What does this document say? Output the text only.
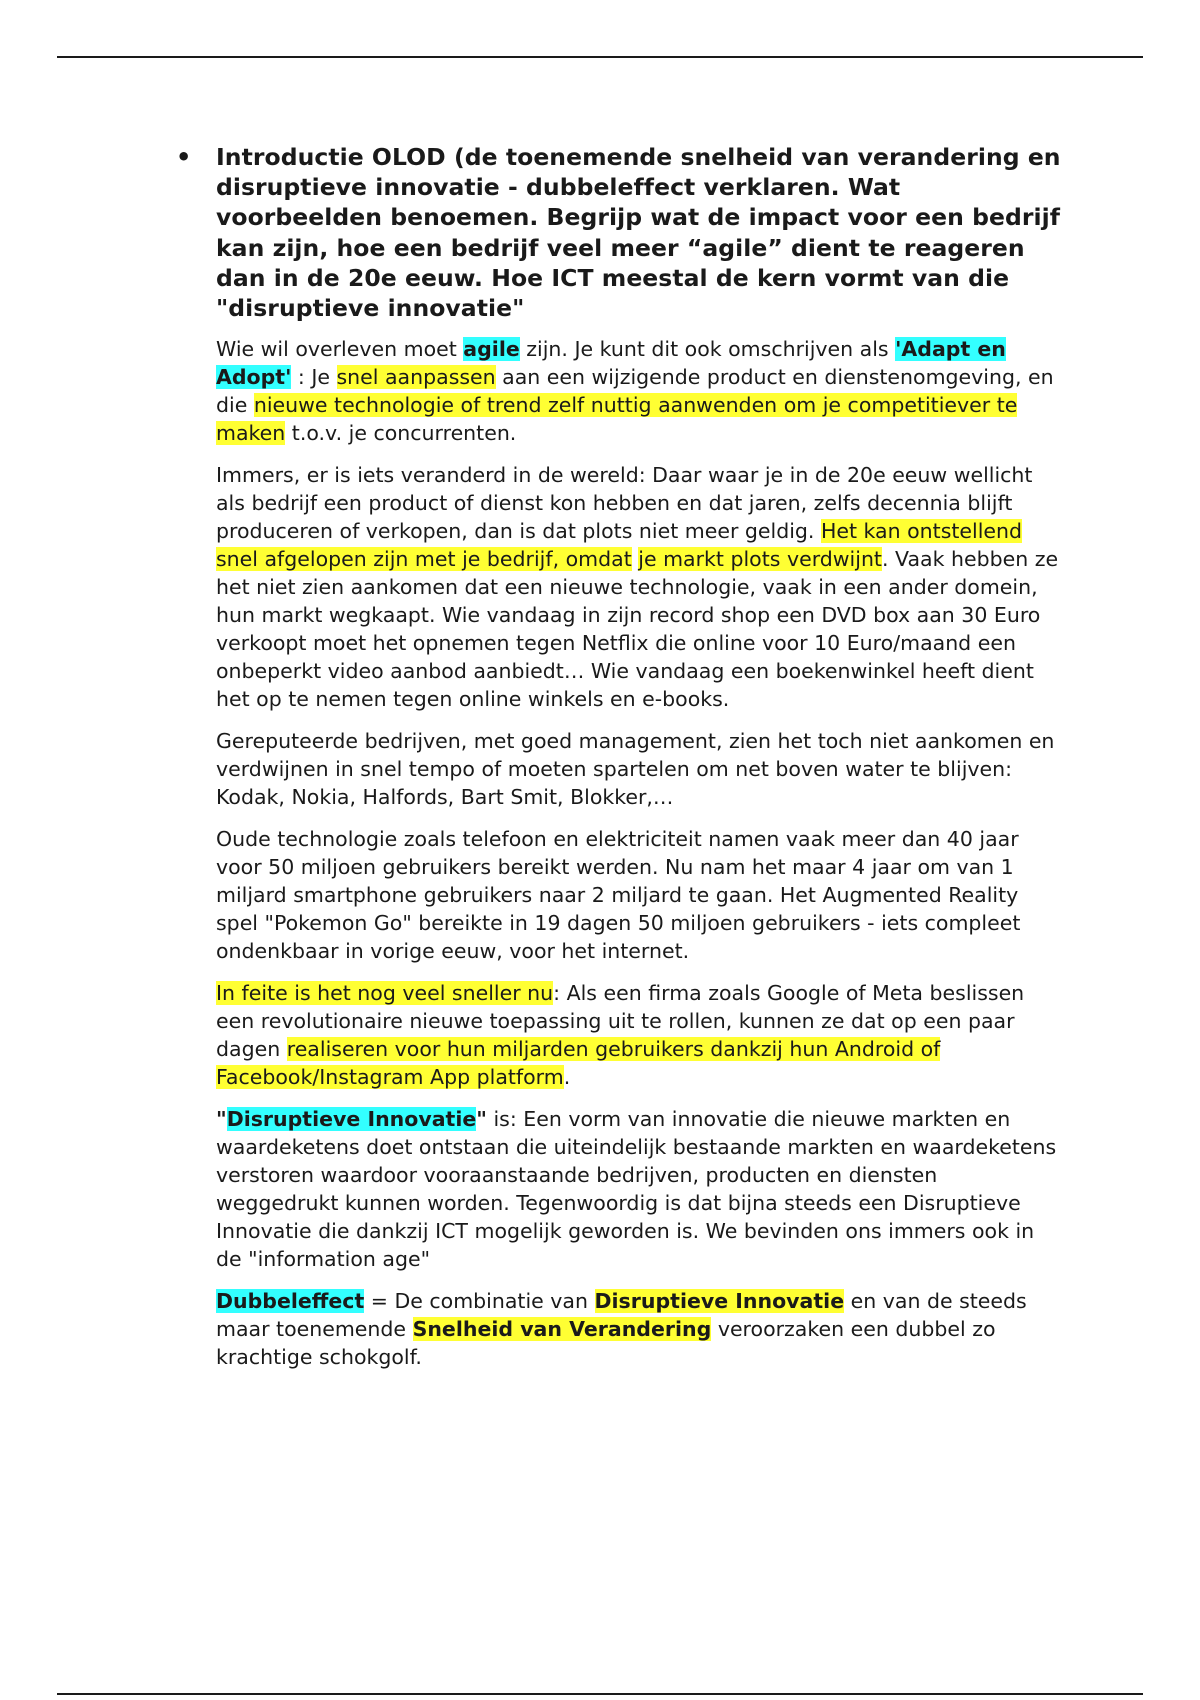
• Introductie OLOD (de toenemende snelheid van verandering en disruptieve innovatie - dubbeleffect verklaren. Wat voorbeelden benoemen. Begrijp wat de impact voor een bedrijf kan zijn, hoe een bedrijf veel meer “agile” dient te reageren dan in de 20e eeuw. Hoe ICT meestal de kern vormt van die "disruptieve innovatie"

Wie wil overleven moet agile zijn. Je kunt dit ook omschrijven als 'Adapt en Adopt' : Je snel aanpassen aan een wijzigende product en dienstenomgeving, en die nieuwe technologie of trend zelf nuttig aanwenden om je competitiever te maken t.o.v. je concurrenten.

Immers, er is iets veranderd in de wereld: Daar waar je in de 20e eeuw wellicht als bedrijf een product of dienst kon hebben en dat jaren, zelfs decennia blijft produceren of verkopen, dan is dat plots niet meer geldig. Het kan ontstellend snel afgelopen zijn met je bedrijf, omdat je markt plots verdwijnt. Vaak hebben ze het niet zien aankomen dat een nieuwe technologie, vaak in een ander domein, hun markt wegkaapt. Wie vandaag in zijn record shop een DVD box aan 30 Euro verkoopt moet het opnemen tegen Netflix die online voor 10 Euro/maand een onbeperkt video aanbod aanbiedt… Wie vandaag een boekenwinkel heeft dient het op te nemen tegen online winkels en e-books.

Gereputeerde bedrijven, met goed management, zien het toch niet aankomen en verdwijnen in snel tempo of moeten spartelen om net boven water te blijven: Kodak, Nokia, Halfords, Bart Smit, Blokker,…

Oude technologie zoals telefoon en elektriciteit namen vaak meer dan 40 jaar voor 50 miljoen gebruikers bereikt werden. Nu nam het maar 4 jaar om van 1 miljard smartphone gebruikers naar 2 miljard te gaan. Het Augmented Reality spel "Pokemon Go" bereikte in 19 dagen 50 miljoen gebruikers - iets compleet ondenkbaar in vorige eeuw, voor het internet.

In feite is het nog veel sneller nu: Als een firma zoals Google of Meta beslissen een revolutionaire nieuwe toepassing uit te rollen, kunnen ze dat op een paar dagen realiseren voor hun miljarden gebruikers dankzij hun Android of Facebook/Instagram App platform.

"Disruptieve Innovatie" is: Een vorm van innovatie die nieuwe markten en waardeketens doet ontstaan die uiteindelijk bestaande markten en waardeketens verstoren waardoor vooraanstaande bedrijven, producten en diensten weggedrukt kunnen worden. Tegenwoordig is dat bijna steeds een Disruptieve Innovatie die dankzij ICT mogelijk geworden is. We bevinden ons immers ook in de "information age"

Dubbeleffect = De combinatie van Disruptieve Innovatie en van de steeds maar toenemende Snelheid van Verandering veroorzaken een dubbel zo krachtige schokgolf.
